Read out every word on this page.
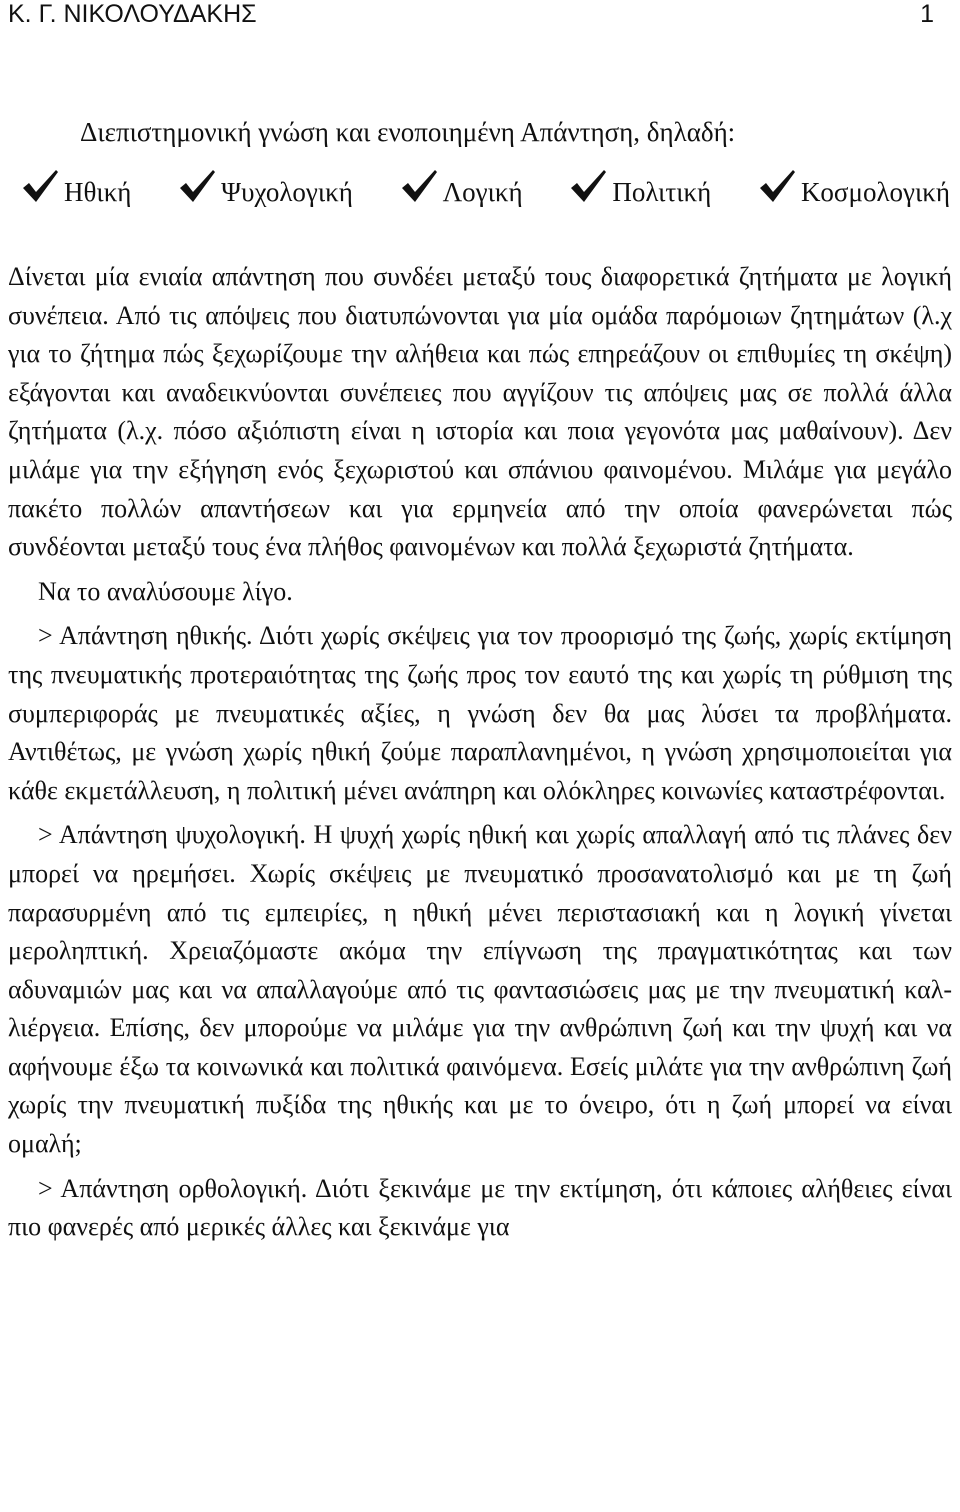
Κ. Γ. ΝΙΚΟΛΟΥΔΑΚΗΣ	1
Διεπιστημονική γνώση και ενοποιημένη Απάντηση, δηλαδή:
Ηθική	Ψυχολογική	Λογική	Πολιτική	Κοσμολογική

Δίνεται μία ενιαία απάντηση που συνδέει μεταξύ τους διαφορετικά ζητήματα με λογική συνέπεια. Από τις απόψεις που διατυπώνονται για μία ομάδα παρόμοιων ζητημάτων (λ.χ για το ζήτημα πώς ξεχωρίζουμε την αλήθεια και πώς επηρεάζουν οι επιθυμίες τη σκέψη) εξάγονται και αναδεικνύονται συνέπειες που αγγίζουν τις απόψεις μας σε πολλά άλλα ζητήματα (λ.χ. πόσο αξιόπιστη είναι η ιστορία και ποια γεγονότα μας μαθαίνουν). Δεν μιλάμε για την εξήγηση ενός ξεχωριστού και σπάνιου φαινομένου. Μιλάμε για μεγάλο πακέτο πολλών απαντήσεων και για ερμηνεία από την οποία φανερώνεται πώς συνδέονται μεταξύ τους ένα πλήθος φαινομένων και πολλά ξεχωριστά ζητήματα.

Να το αναλύσουμε λίγο.

> Απάντηση ηθικής. Διότι χωρίς σκέψεις για τον προορισμό της ζωής, χωρίς εκτίμηση της πνευματικής προτεραιότητας της ζωής προς τον εαυτό της και χωρίς τη ρύθμιση της συμπεριφοράς με πνευματικές αξίες, η γνώση δεν θα μας λύσει τα προβλήματα. Αντιθέτως, με γνώση χωρίς ηθική ζούμε παραπλανημένοι, η γνώση χρησιμοποιείται για κάθε εκμετάλλευση, η πολιτική μένει ανάπηρη και ολόκληρες κοινωνίες καταστρέφονται.

> Απάντηση ψυχολογική. Η ψυχή χωρίς ηθική και χωρίς απαλλαγή από τις πλάνες δεν μπορεί να ηρεμήσει. Χωρίς σκέψεις με πνευματικό προσανατολισμό και με τη ζωή παρασυρμένη από τις εμπειρίες, η ηθική μένει περιστασιακή και η λογική γίνεται μεροληπτική. Χρειαζόμαστε ακόμα την επίγνωση της πραγματικότητας και των αδυναμιών μας και να απαλλαγούμε από τις φαντασιώσεις μας με την πνευματική καλλιέργεια. Επίσης, δεν μπορούμε να μιλάμε για την ανθρώπινη ζωή και την ψυχή και να αφήνουμε έξω τα κοινωνικά και πολιτικά φαινόμενα. Εσείς μιλάτε για την ανθρώπινη ζωή χωρίς την πνευματική πυξίδα της ηθικής και με το όνειρο, ότι η ζωή μπορεί να είναι ομαλή;

> Απάντηση ορθολογική. Διότι ξεκινάμε με την εκτίμηση, ότι κάποιες αλήθειες είναι πιο φανερές από μερικές άλλες και ξεκινάμε για
